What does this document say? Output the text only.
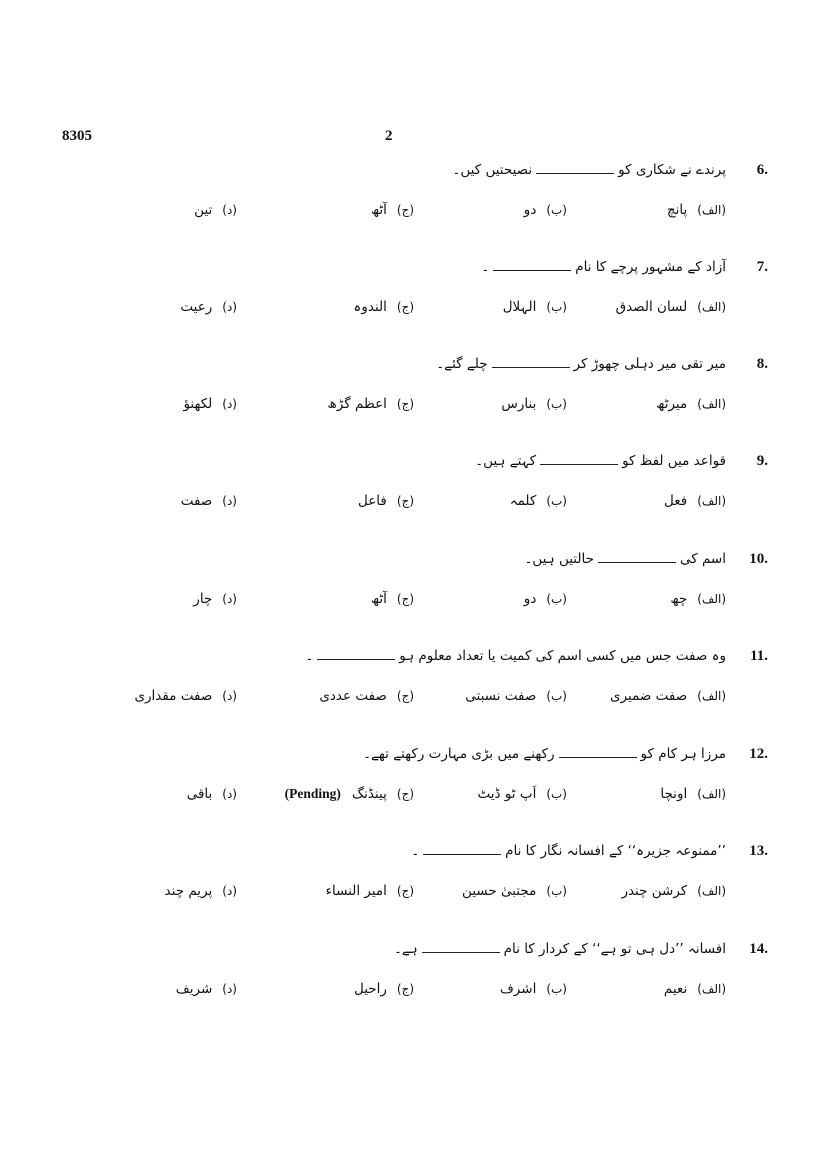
8305	2
6.
پرندے نے شکاری کونصیحتیں کیں۔
(الف)پانچ
(ب)دو
(ج)آٹھ
(د)تین
7.
آزاد کے مشہور پرچے کا نام۔
(الف)لسان الصدق
(ب)الہلال
(ج)الندوہ
(د)رعیت
8.
میر تقی میر دہلی چھوڑ کرچلے گئے۔
(الف)میرٹھ
(ب)بنارس
(ج)اعظم گڑھ
(د)لکھنؤ
9.
قواعد میں لفظ کوکہتے ہیں۔
(الف)فعل
(ب)کلمہ
(ج)فاعل
(د)صفت
10.
اسم کیحالتیں ہیں۔
(الف)چھ
(ب)دو
(ج)آٹھ
(د)چار
11.
وہ صفت جس میں کسی اسم کی کمیت یا تعداد معلوم ہو۔
(الف)صفت ضمیری
(ب)صفت نسبتی
(ج)صفت عددی
(د)صفت مقداری
12.
مرزا ہر کام کورکھنے میں بڑی مہارت رکھتے تھے۔
(الف)اونچا
(ب)اَپ ٹو ڈیٹ
(ج)پینڈنگ(Pending)
(د)باقی
13.
’’ممنوعہ جزیرہ‘‘ کے افسانہ نگار کا نام۔
(الف)کرشن چندر
(ب)مجتبیٰ حسین
(ج)امیر النساء
(د)پریم چند
14.
افسانہ ’’دل ہی تو ہے‘‘ کے کردار کا نامہے۔
(الف)نعیم
(ب)اشرف
(ج)راحیل
(د)شریف
